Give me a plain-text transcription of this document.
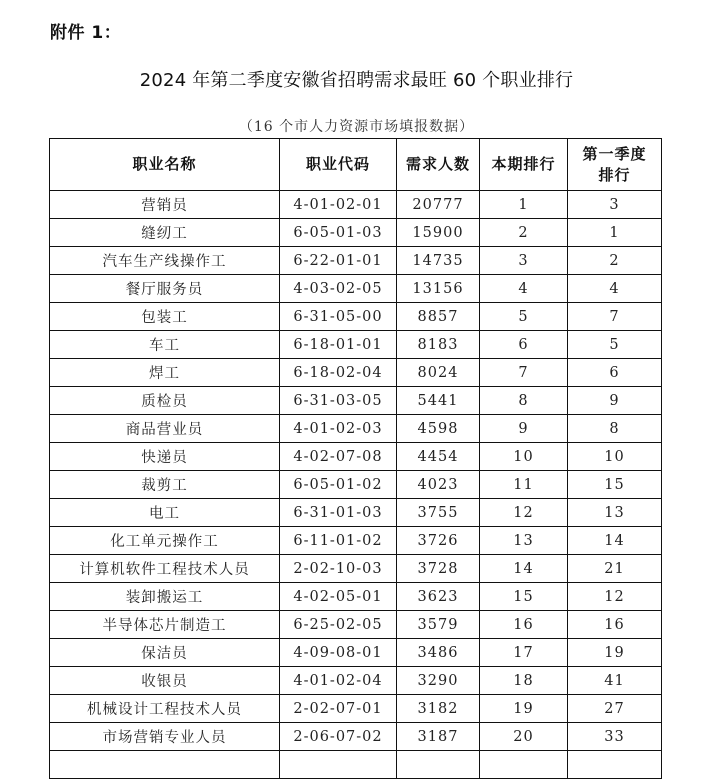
附件 1：
2024 年第二季度安徽省招聘需求最旺 60 个职业排行
（16 个市人力资源市场填报数据）
职业名称	职业代码	需求人数	本期排行	第一季度
排行
营销员	4-01-02-01	20777	1	3
缝纫工	6-05-01-03	15900	2	1
汽车生产线操作工	6-22-01-01	14735	3	2
餐厅服务员	4-03-02-05	13156	4	4
包装工	6-31-05-00	8857	5	7
车工	6-18-01-01	8183	6	5
焊工	6-18-02-04	8024	7	6
质检员	6-31-03-05	5441	8	9
商品营业员	4-01-02-03	4598	9	8
快递员	4-02-07-08	4454	10	10
裁剪工	6-05-01-02	4023	11	15
电工	6-31-01-03	3755	12	13
化工单元操作工	6-11-01-02	3726	13	14
计算机软件工程技术人员	2-02-10-03	3728	14	21
装卸搬运工	4-02-05-01	3623	15	12
半导体芯片制造工	6-25-02-05	3579	16	16
保洁员	4-09-08-01	3486	17	19
收银员	4-01-02-04	3290	18	41
机械设计工程技术人员	2-02-07-01	3182	19	27
市场营销专业人员	2-06-07-02	3187	20	33
